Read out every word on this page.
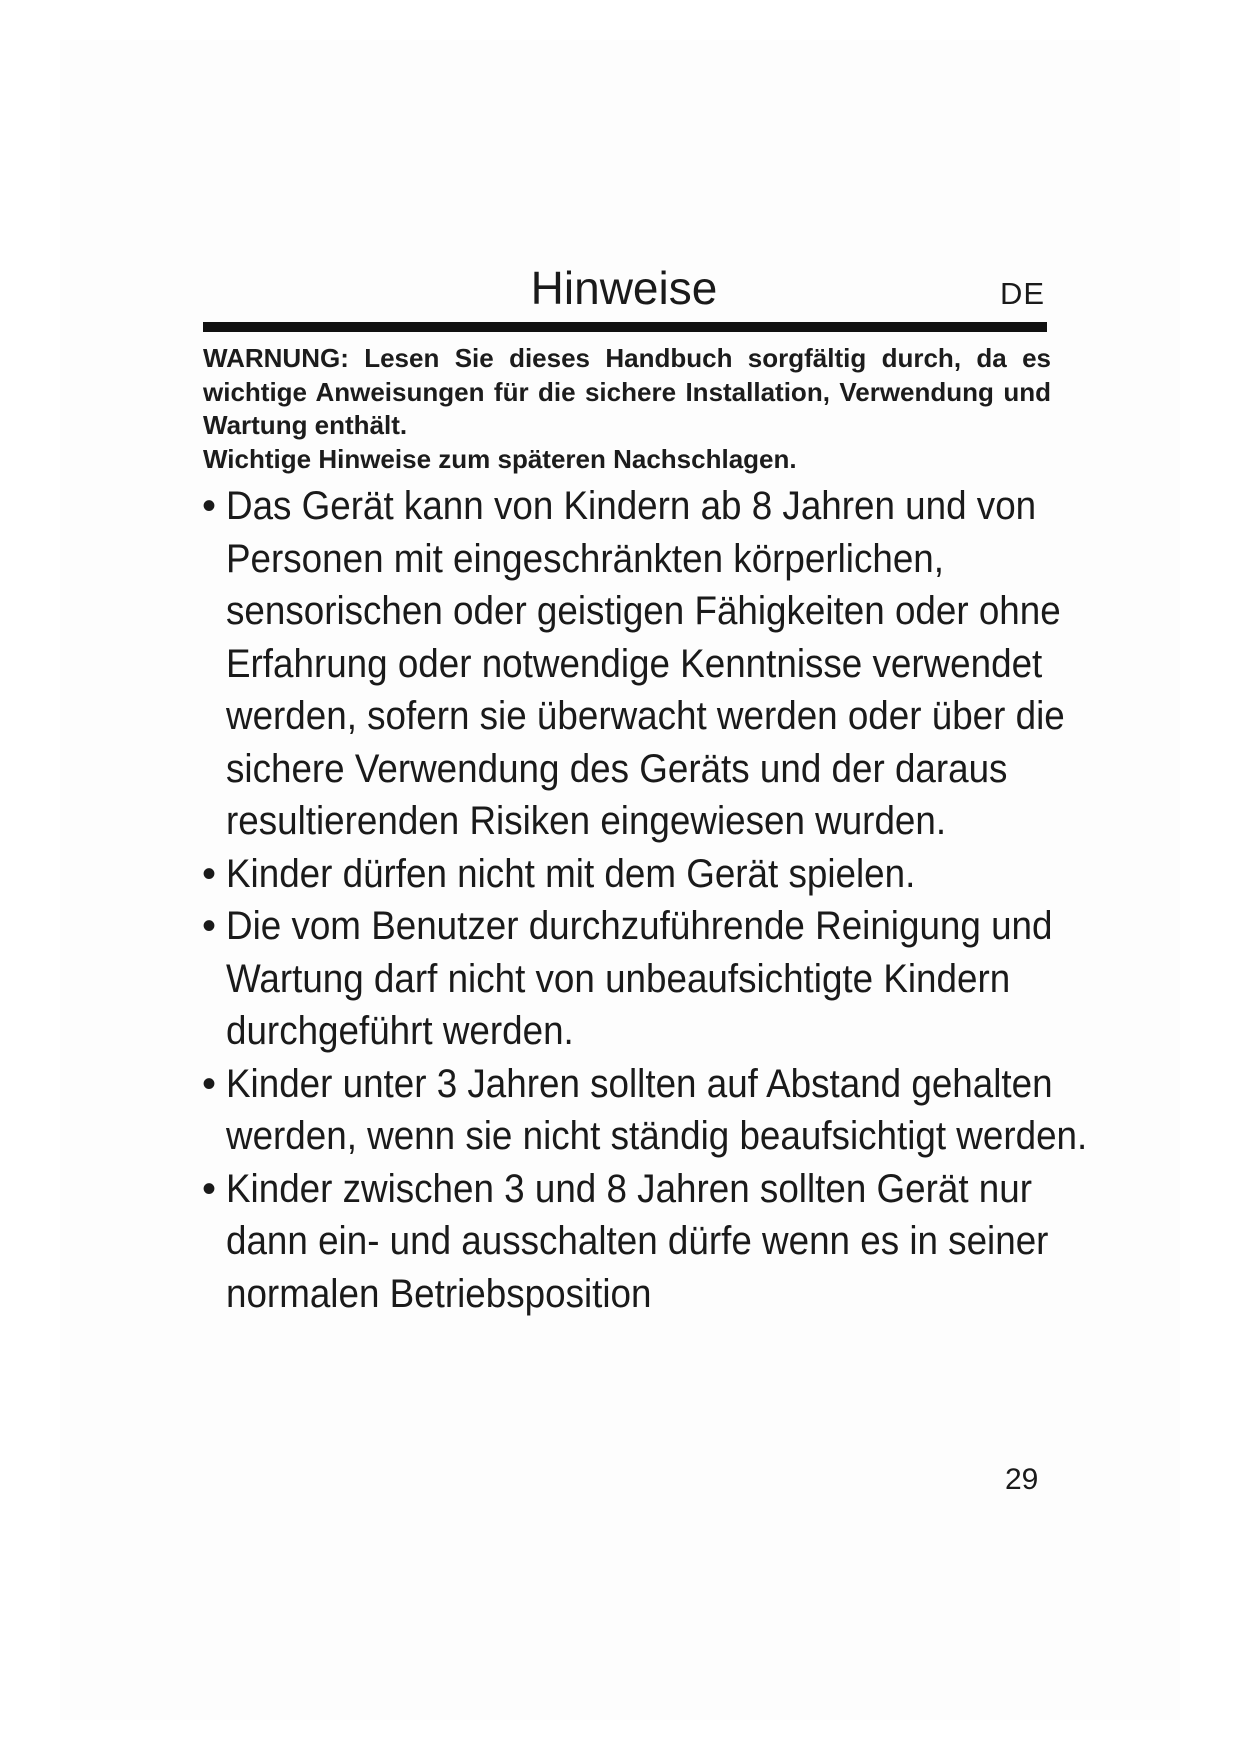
Hinweise	DE
WARNUNG: Lesen Sie dieses Handbuch sorgfältig durch, da es wichtige Anweisungen für die sichere Installation, Verwendung und Wartung enthält.
Wichtige Hinweise zum späteren Nachschlagen.
• Das Gerät kann von Kindern ab 8 Jahren und von Personen mit eingeschränkten körperlichen, sensorischen oder geistigen Fähigkeiten oder ohne Erfahrung oder notwendige Kenntnisse verwendet werden, sofern sie überwacht werden oder über die sichere Verwendung des Geräts und der daraus resultierenden Risiken eingewiesen wurden.
• Kinder dürfen nicht mit dem Gerät spielen.
• Die vom Benutzer durchzuführende Reinigung und Wartung darf nicht von unbeaufsichtigte Kindern durchgeführt werden.
• Kinder unter 3 Jahren sollten auf Abstand gehalten werden, wenn sie nicht ständig beaufsichtigt werden.
• Kinder zwischen 3 und 8 Jahren sollten Gerät nur dann ein- und ausschalten dürfe wenn es in seiner normalen Betriebsposition
29
